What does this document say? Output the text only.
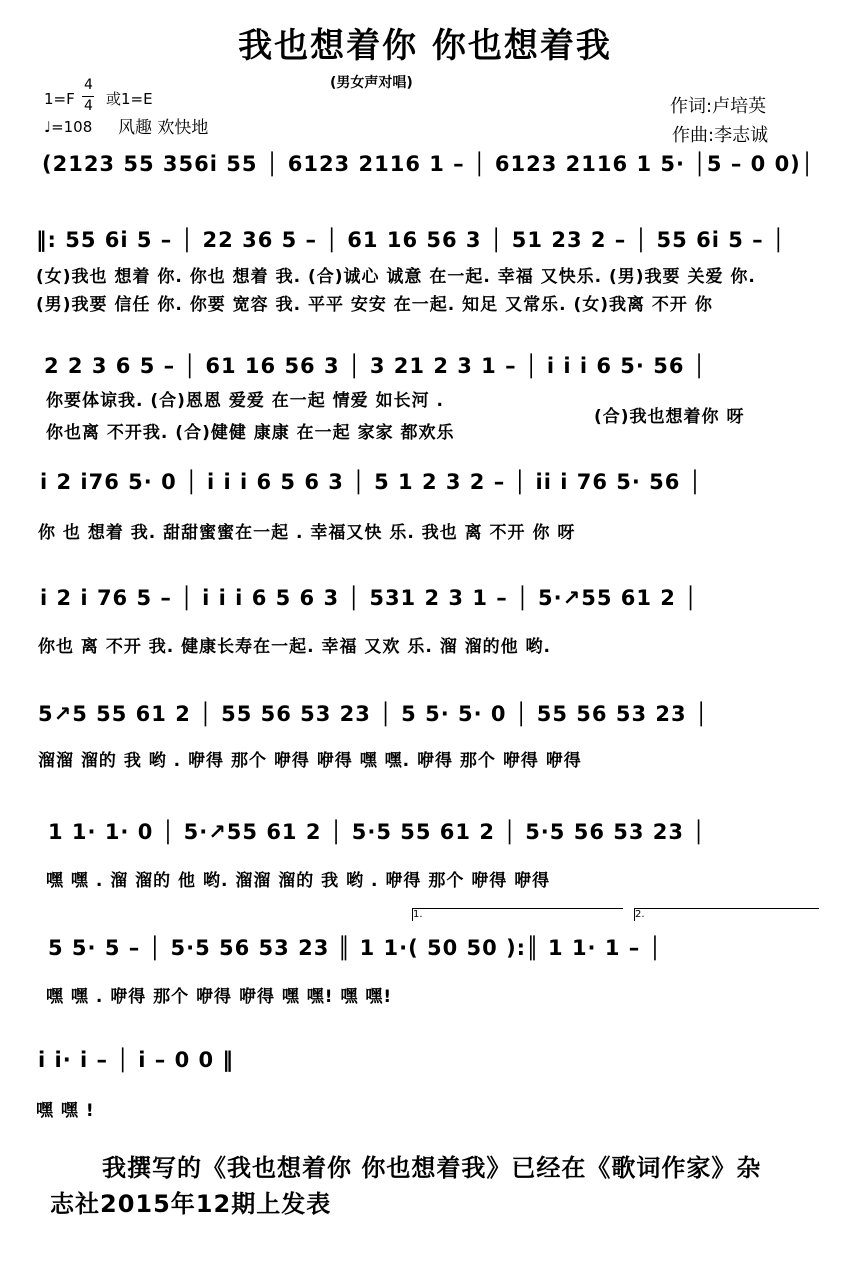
我也想着你 你也想着我
(男女声对唱)
1=F
4
4 或1=E
♩=108 风趣 欢快地
作词:卢培英
作曲:李志诚
(2123 55 356i 55 │ 6123 2116 1 – │ 6123 2116 1 5· │5 – 0 0)│
‖: 55 6i 5 – │ 22 36 5 – │ 61 16 56 3 │ 51 23 2 – │ 55 6i 5 – │
(女)我也 想着 你. 你也 想着 我. (合)诚心 诚意 在一起. 幸福 又快乐. (男)我要 关爱 你.
(男)我要 信任 你. 你要 宽容 我. 平平 安安 在一起. 知足 又常乐. (女)我离 不开 你
2 2 3 6 5 – │ 61 16 56 3 │ 3 21 2 3 1 – │ i i i 6 5· 56 │
你要体谅我. (合)恩恩 爱爱 在一起 情爱 如长河 .
你也离 不开我. (合)健健 康康 在一起 家家 都欢乐
(合)我也想着你 呀
i 2 i76 5· 0 │ i i i 6 5 6 3 │ 5 1 2 3 2 – │ ii i 76 5· 56 │
你 也 想着 我. 甜甜蜜蜜在一起 . 幸福又快 乐. 我也 离 不开 你 呀
i 2 i 76 5 – │ i i i 6 5 6 3 │ 531 2 3 1 – │ 5·↗55 61 2 │
你也 离 不开 我. 健康长寿在一起. 幸福 又欢 乐. 溜 溜的他 哟.
5↗5 55 61 2 │ 55 56 53 23 │ 5 5· 5· 0 │ 55 56 53 23 │
溜溜 溜的 我 哟 . 咿得 那个 咿得 咿得 嘿 嘿. 咿得 那个 咿得 咿得
1 1· 1· 0 │ 5·↗55 61 2 │ 5·5 55 61 2 │ 5·5 56 53 23 │
嘿 嘿 . 溜 溜的 他 哟. 溜溜 溜的 我 哟 . 咿得 那个 咿得 咿得
1.	2.
5 5· 5 – │ 5·5 56 53 23 ║ 1 1·( 50 50 ):║ 1 1· 1 – │
嘿 嘿 . 咿得 那个 咿得 咿得 嘿 嘿! 嘿 嘿!
i i· i – │ i – 0 0 ‖
嘿 嘿 !

我撰写的《我也想着你 你也想着我》已经在《歌词作家》杂

志社2015年12期上发表
